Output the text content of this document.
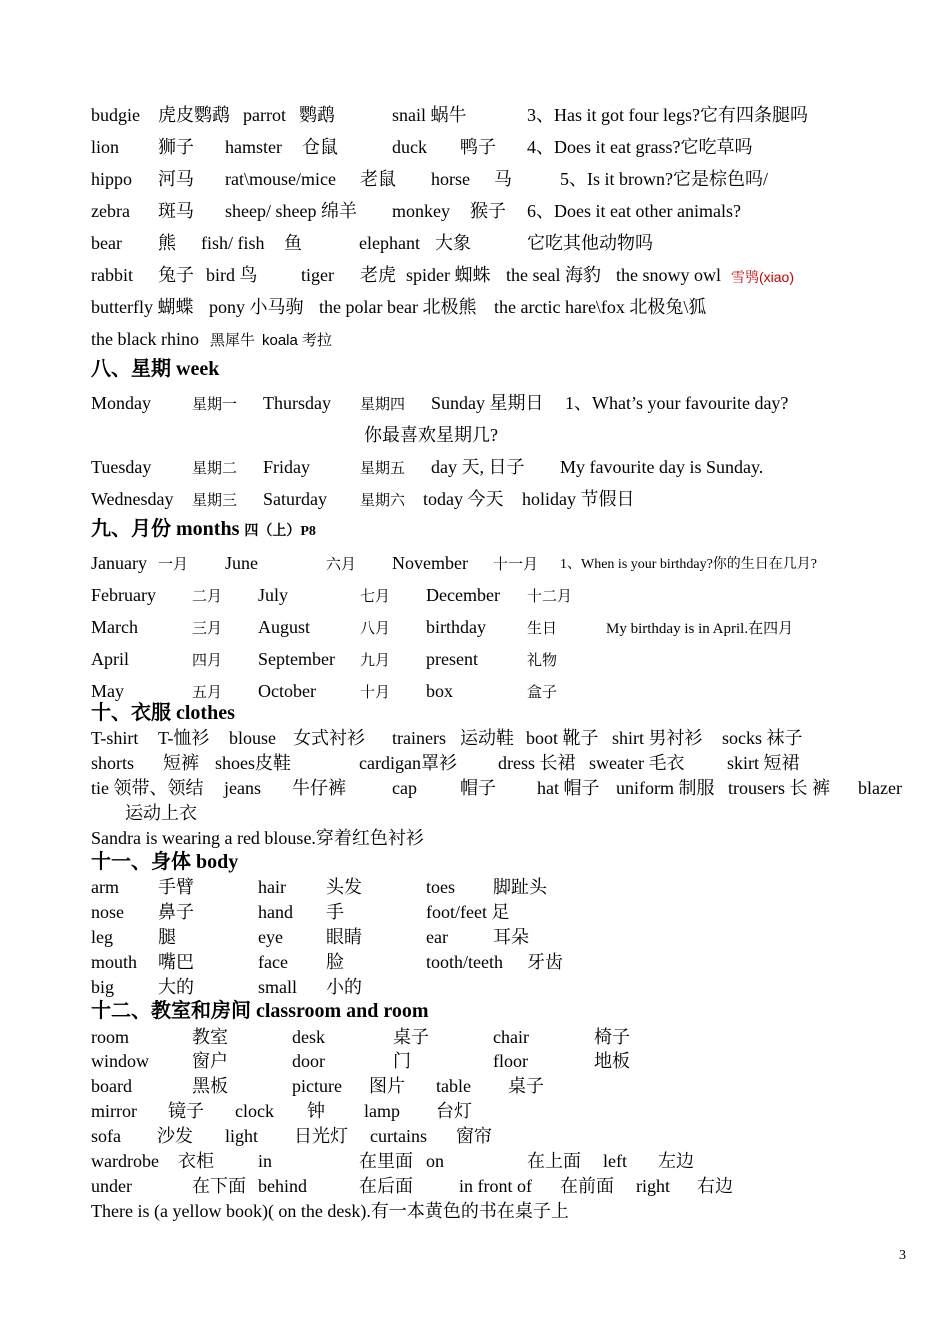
budgie 虎皮鹦鹉 parrot 鹦鹉	snail 蜗牛	3、Has it got four legs?它有四条腿吗
lion 狮子 hamster 仓鼠	duck 鸭子 4、Does it eat grass?它吃草吗
hippo 河马 rat\mouse/mice 老鼠 horse 马	5、Is it brown?它是棕色吗/
zebra 斑马 sheep/ sheep 绵羊 monkey 猴子 6、Does it eat other animals?
bear 熊 fish/ fish 鱼	elephant 大象	它吃其他动物吗
rabbit 兔子 bird 鸟 tiger 老虎 spider 蜘蛛 the seal 海豹 the snowy owl 雪鸮(xiao)
butterfly 蝴蝶 pony 小马驹 the polar bear 北极熊 the arctic hare\fox 北极兔\狐
the black rhino 黑犀牛 koala 考拉
八、星期 week
Monday	星期一 Thursday 星期四 Sunday 星期日 1、What’s your favourite day?
你最喜欢星期几?
Tuesday	星期二 Friday	星期五 day 天, 日子 My favourite day is Sunday.
Wednesday 星期三 Saturday 星期六 today 今天 holiday 节假日
九、月份 months 四（上）P8
January 一月 June	六月 November 十一月 1、When is your birthday?你的生日在几月?
February 二月 July	七月 December 十二月
March	三月 August	八月 birthday	生日	My birthday is in April.在四月
April	四月 September 九月 present	礼物
May	五月 October	十月 box	盒子
十、衣服 clothes
T-shirt T-恤衫 blouse 女式衬衫 trainers 运动鞋 boot 靴子 shirt 男衬衫 socks 袜子
shorts 短裤 shoes皮鞋	cardigan罩衫 dress 长裙 sweater 毛衣 skirt 短裙
tie 领带、领结 jeans 牛仔裤	cap 帽子 hat 帽子 uniform 制服 trousers 长 裤 blazer
运动上衣
Sandra is wearing a red blouse.穿着红色衬衫
十一、身体 body
arm 手臂	hair 头发	toes 脚趾头
nose 鼻子	hand 手	foot/feet 足
leg	腿	eye 眼睛	ear	耳朵
mouth 嘴巴	face 脸	tooth/teeth 牙齿
big 大的	small 小的
十二、教室和房间 classroom and room
room	教室	desk	桌子	chair	椅子
window 窗户	door	门	floor	地板
board	黑板	picture 图片 table 桌子
mirror 镜子 clock 钟 lamp 台灯
sofa 沙发 light 日光灯 curtains 窗帘
wardrobe 衣柜 in	在里面 on	在上面 left 左边
under	在下面 behind	在后面	in front of 在前面 right 右边
There is (a yellow book)( on the desk).有一本黄色的书在桌子上
3
